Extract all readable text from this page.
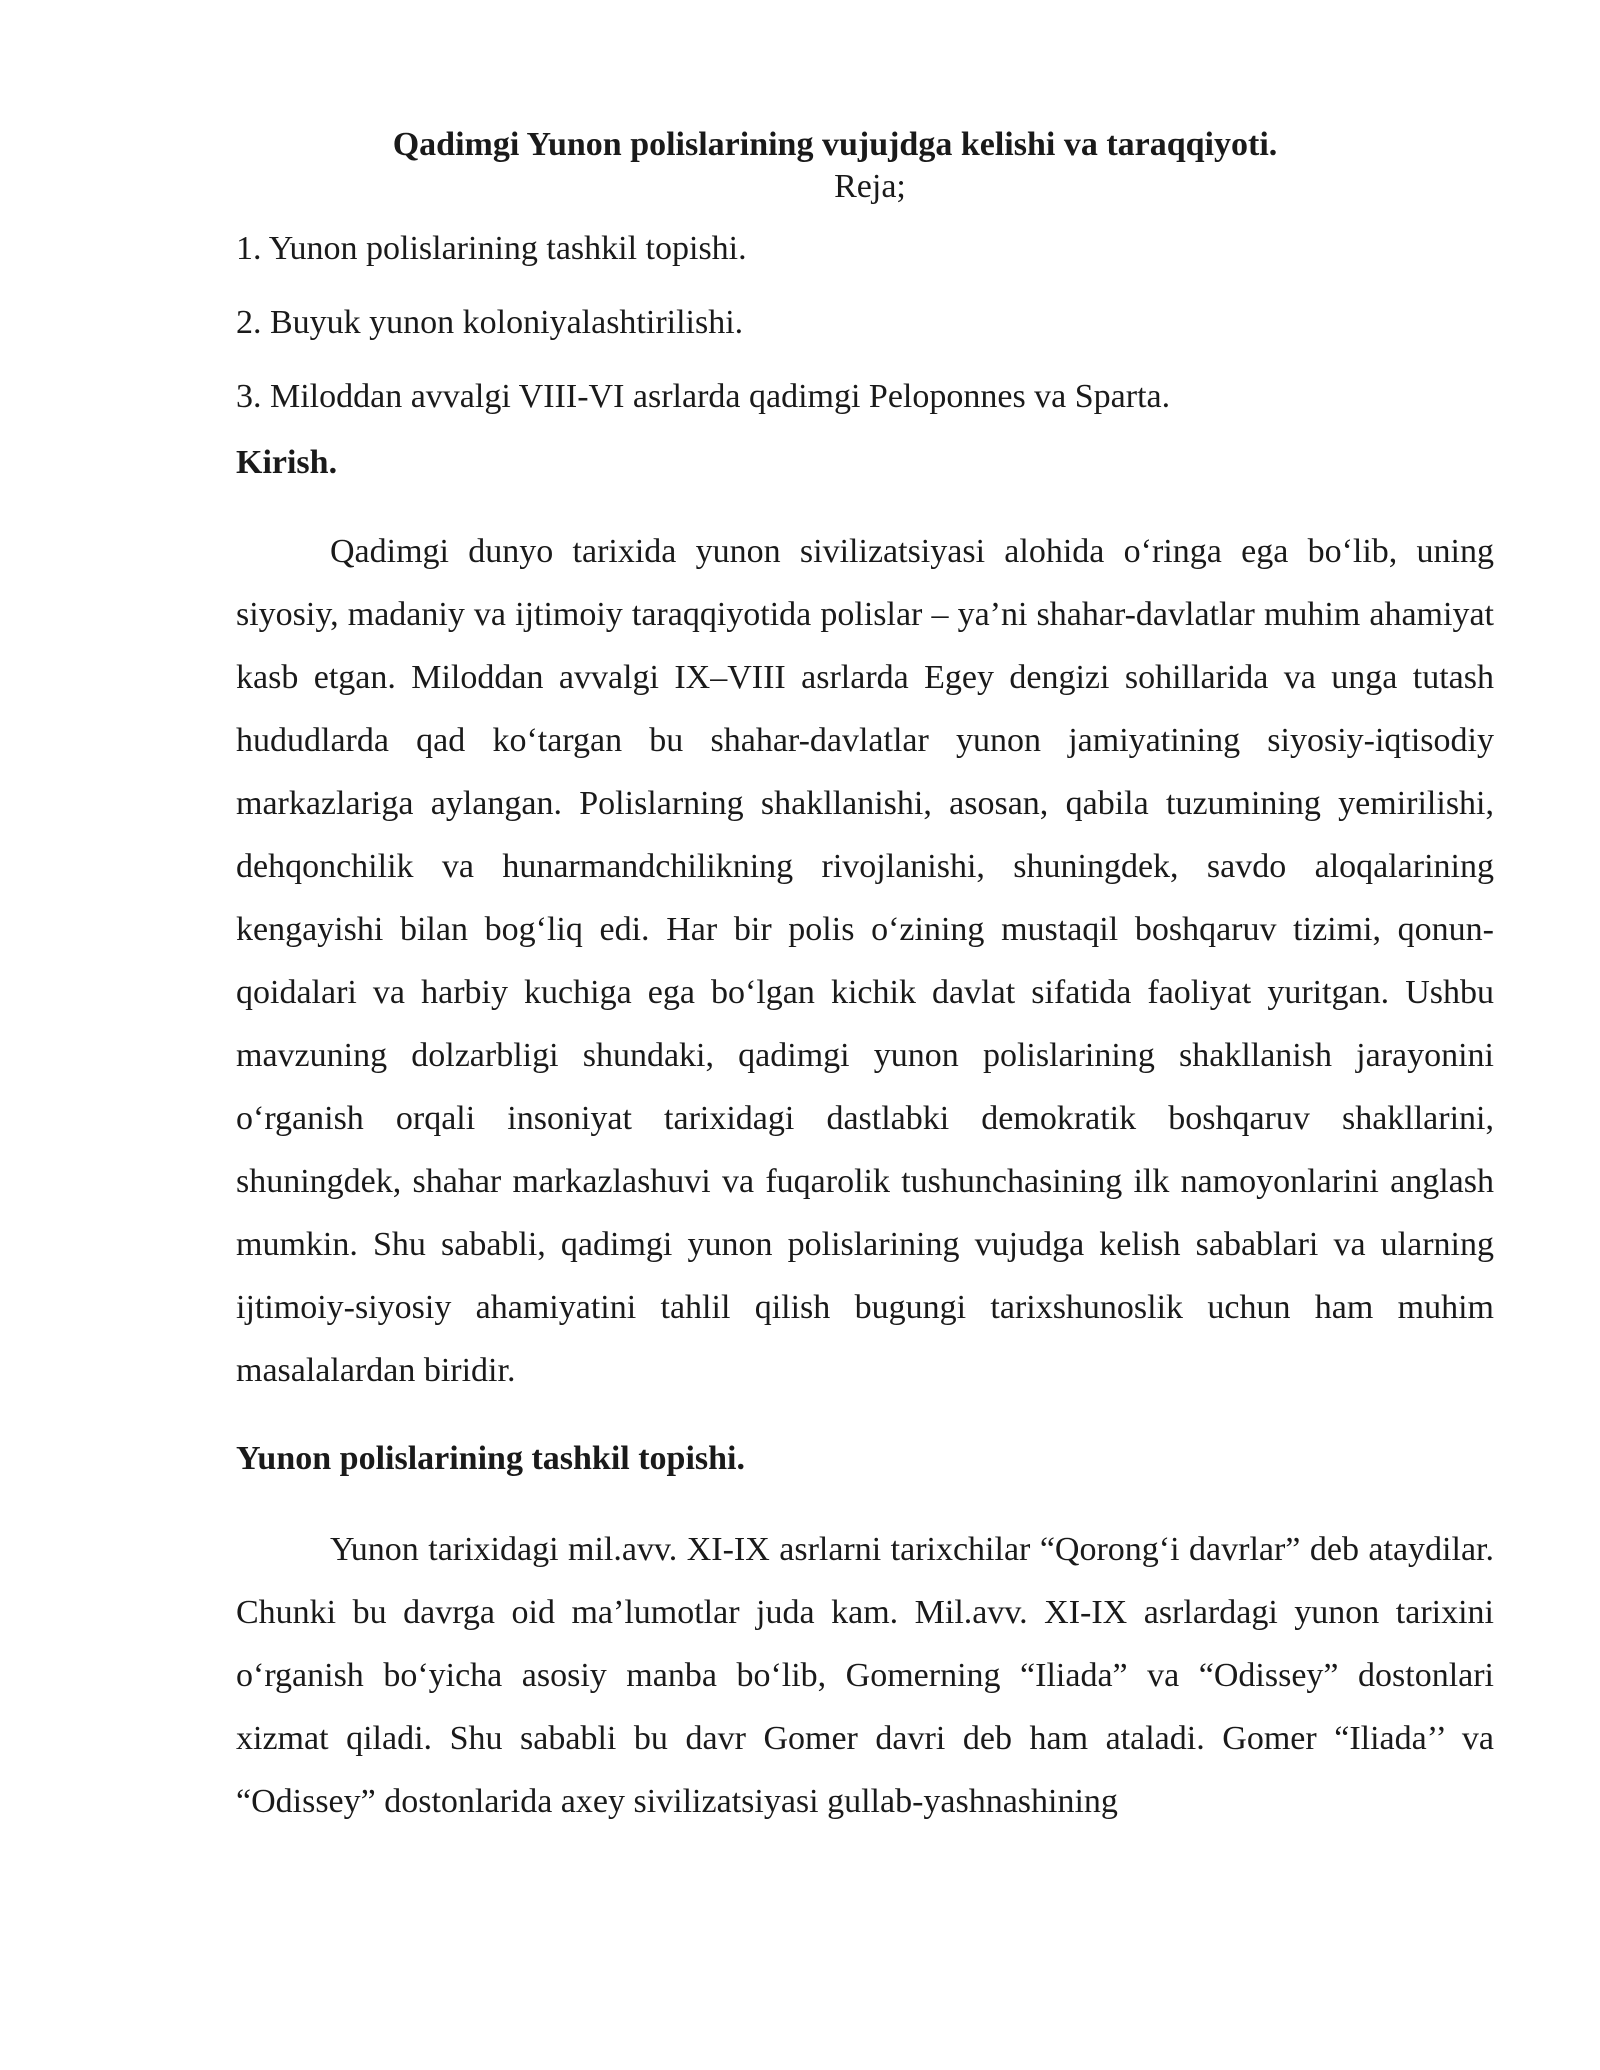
Qadimgi Yunon polislarining vujujdga kelishi va taraqqiyoti.

Reja;

1. Yunon polislarining tashkil topishi.
2. Buyuk yunon koloniyalashtirilishi.
3. Miloddan avvalgi VIII-VI asrlarda qadimgi Peloponnes va Sparta.
Kirish.

Qadimgi dunyo tarixida yunon sivilizatsiyasi alohida o‘ringa ega bo‘lib, uning siyosiy, madaniy va ijtimoiy taraqqiyotida polislar – ya’ni shahar-davlatlar muhim ahamiyat kasb etgan. Miloddan avvalgi IX–VIII asrlarda Egey dengizi sohillarida va unga tutash hududlarda qad ko‘targan bu shahar-davlatlar yunon jamiyatining siyosiy-iqtisodiy markazlariga aylangan. Polislarning shakllanishi, asosan, qabila tuzumining yemirilishi, dehqonchilik va hunarmandchilikning rivojlanishi, shuningdek, savdo aloqalarining kengayishi bilan bog‘liq edi. Har bir polis o‘zining mustaqil boshqaruv tizimi, qonun-qoidalari va harbiy kuchiga ega bo‘lgan kichik davlat sifatida faoliyat yuritgan. Ushbu mavzuning dolzarbligi shundaki, qadimgi yunon polislarining shakllanish jarayonini o‘rganish orqali insoniyat tarixidagi dastlabki demokratik boshqaruv shakllarini, shuningdek, shahar markazlashuvi va fuqarolik tushunchasining ilk namoyonlarini anglash mumkin. Shu sababli, qadimgi yunon polislarining vujudga kelish sabablari va ularning ijtimoiy-siyosiy ahamiyatini tahlil qilish bugungi tarixshunoslik uchun ham muhim masalalardan biridir.

Yunon polislarining tashkil topishi.

Yunon tarixidagi mil.avv. XI-IX asrlarni tarixchilar “Qorong‘i davrlar” deb ataydilar. Chunki bu davrga oid ma’lumotlar juda kam. Mil.avv. XI-IX asrlardagi yunon tarixini o‘rganish bo‘yicha asosiy manba bo‘lib, Gomerning “Iliada” va “Odissey” dostonlari xizmat qiladi. Shu sababli bu davr Gomer davri deb ham ataladi. Gomer “Iliada’’ va “Odissey” dostonlarida axey sivilizatsiyasi gullab-yashnashining
